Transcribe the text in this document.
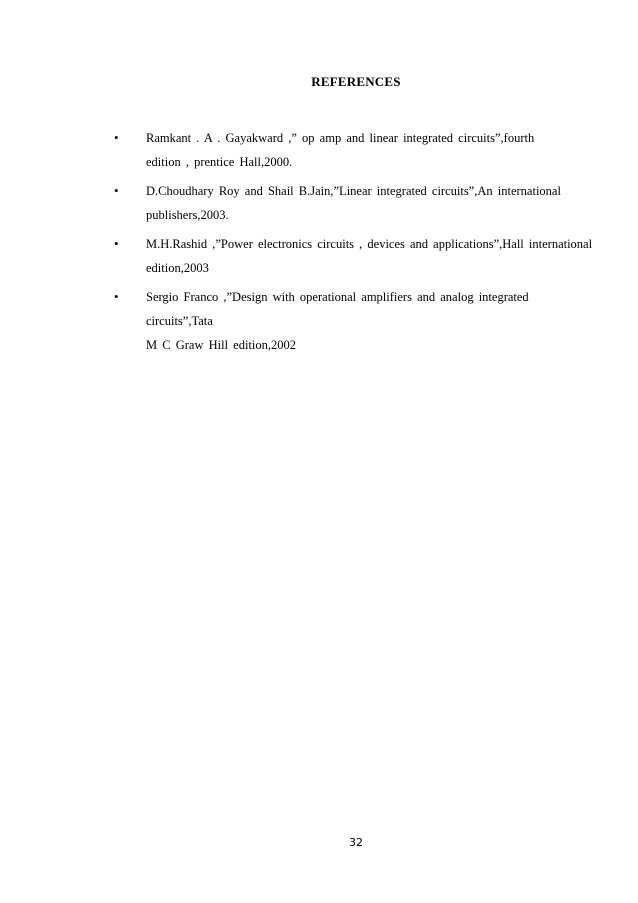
REFERENCES
•	Ramkant . A . Gayakward ,” op amp and linear integrated circuits”,fourth
edition , prentice Hall,2000.
•	D.Choudhary Roy and Shail B.Jain,”Linear integrated circuits”,An international
publishers,2003.
•	M.H.Rashid ,”Power electronics circuits , devices and applications”,Hall international
edition,2003
•	Sergio Franco ,”Design with operational amplifiers and analog integrated circuits”,Tata
M C Graw Hill edition,2002
32
